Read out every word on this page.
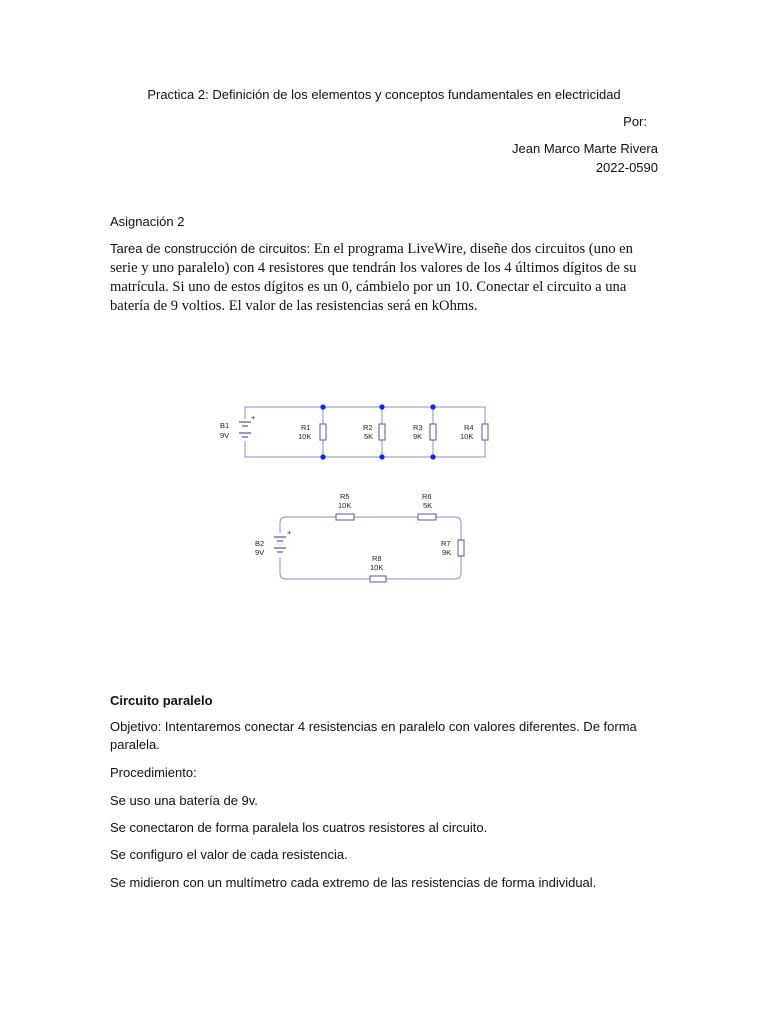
Practica 2: Definición de los elementos y conceptos fundamentales en electricidad
Por:
Jean Marco Marte Rivera
2022-0590
Asignación 2
Tarea de construcción de circuitos: En el programa LiveWire, diseñe dos circuitos (uno en serie y uno paralelo) con 4 resistores que tendrán los valores de los 4 últimos dígitos de su matrícula. Si uno de estos dígitos es un 0, cámbielo por un 10. Conectar el circuito a una batería de 9 voltios. El valor de las resistencias será en kOhms.
+
B1
9V
R1
10K
R2
5K
R3
9K
R4
10K
+
B2
9V
R5
10K
R6
5K
R7
9K
R8
10K
Circuito paralelo
Objetivo: Intentaremos conectar 4 resistencias en paralelo con valores diferentes. De forma paralela.
Procedimiento:
Se uso una batería de 9v.
Se conectaron de forma paralela los cuatros resistores al circuito.
Se configuro el valor de cada resistencia.
Se midieron con un multímetro cada extremo de las resistencias de forma individual.
